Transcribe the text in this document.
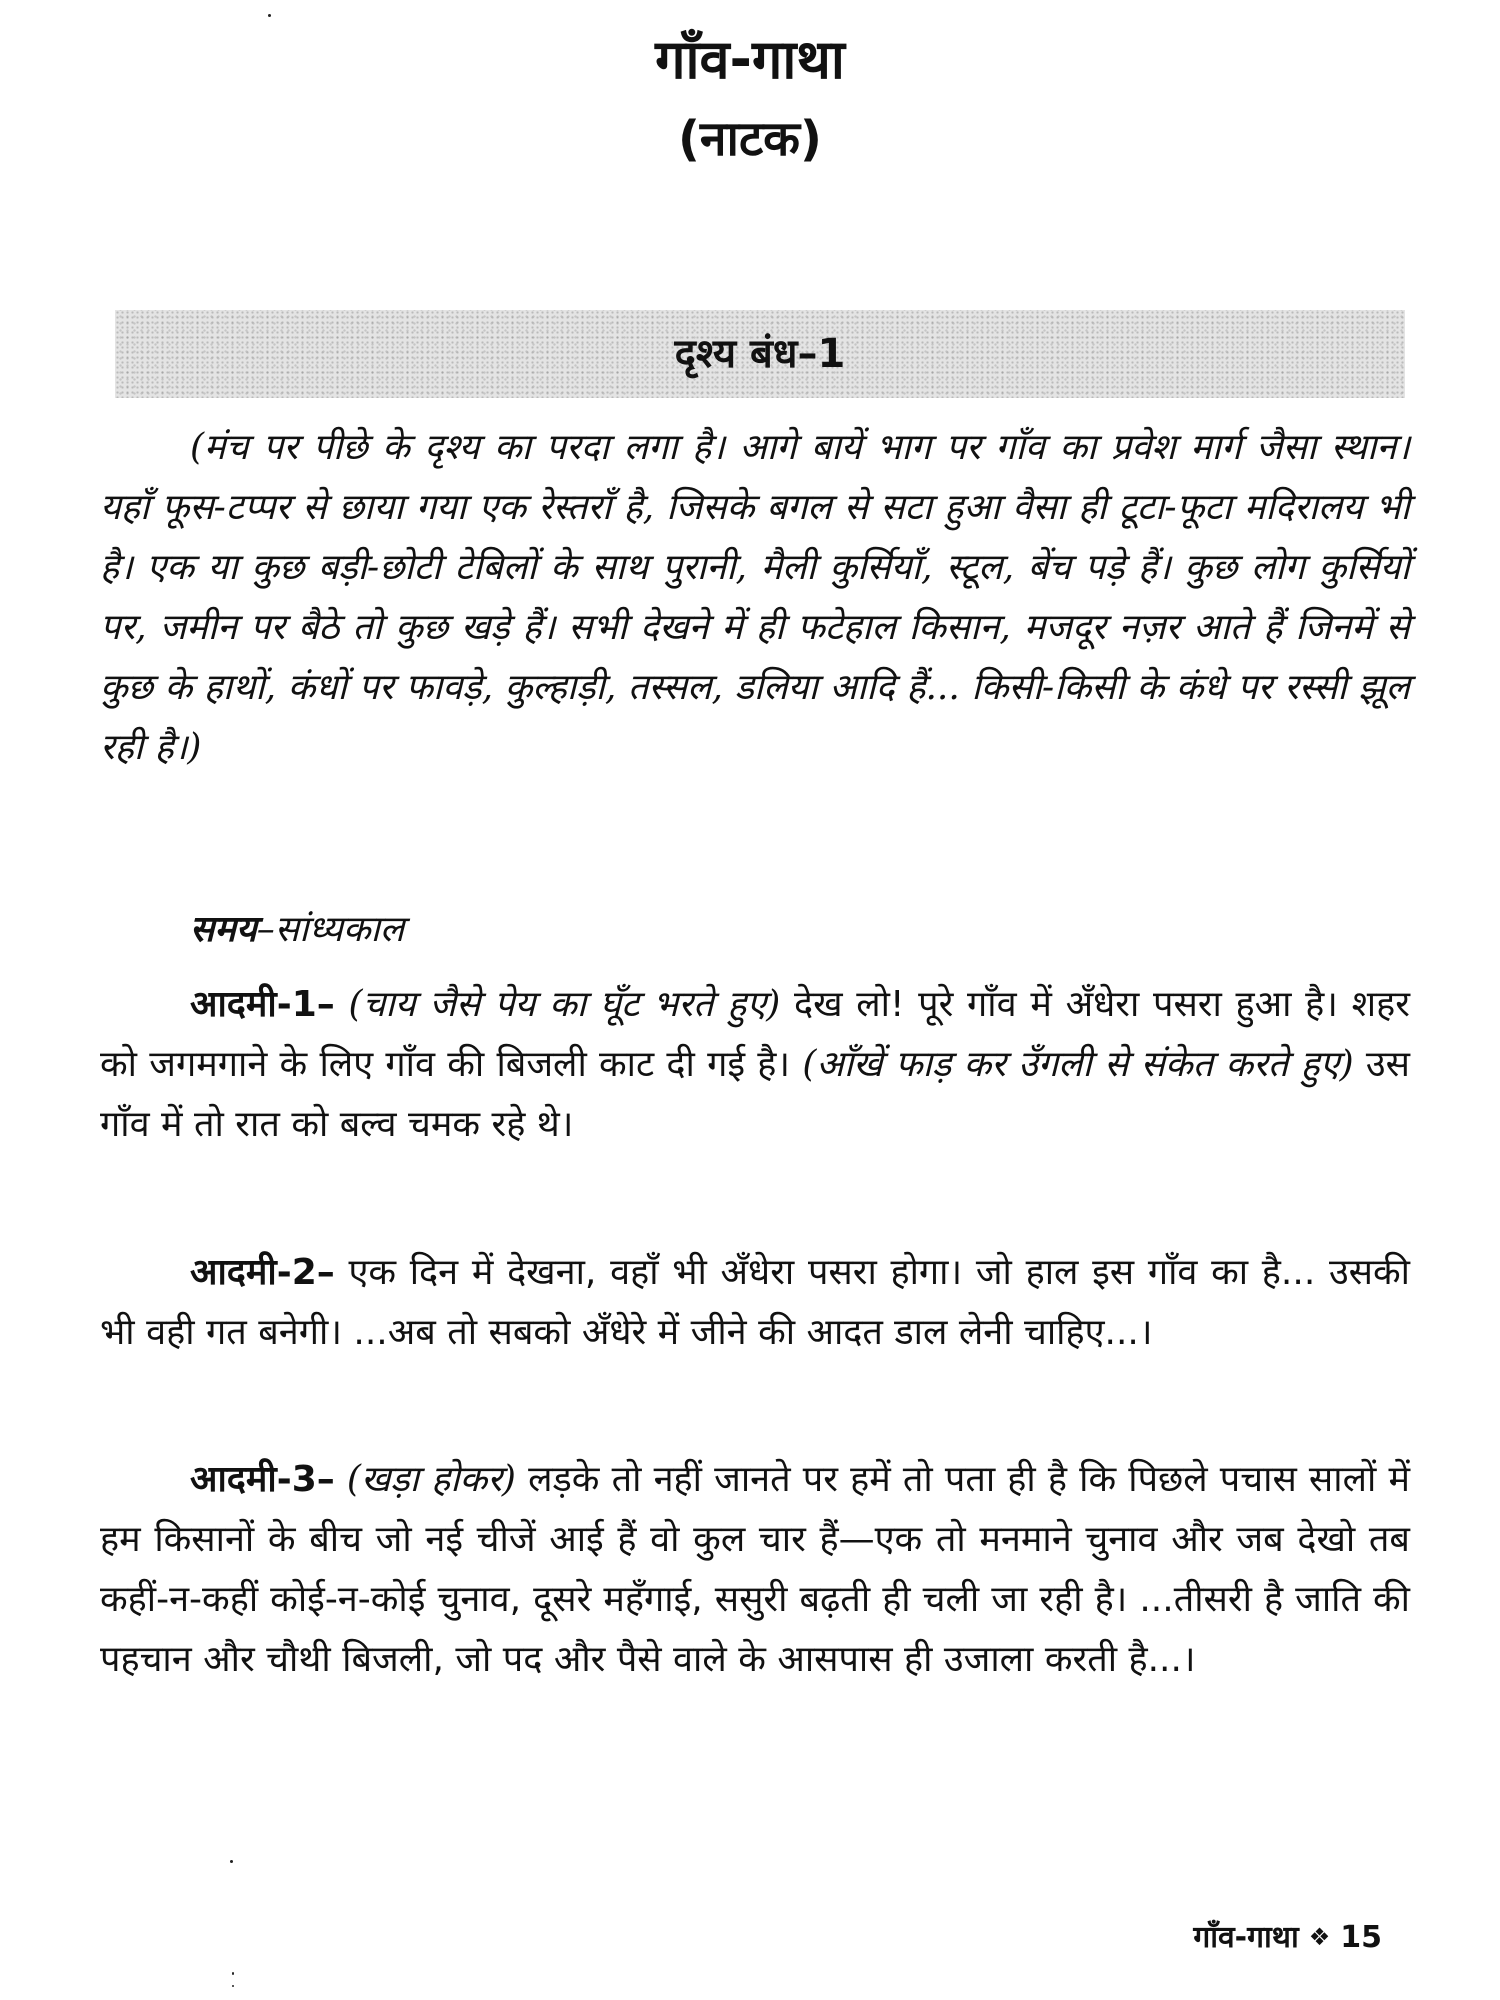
गाँव-गाथा
(नाटक)
दृश्य बंध–1

(मंच पर पीछे के दृश्य का परदा लगा है। आगे बायें भाग पर गाँव का प्रवेश मार्ग जैसा स्थान। यहाँ फूस-टप्पर से छाया गया एक रेस्तराँ है, जिसके बगल से सटा हुआ वैसा ही टूटा-फूटा मदिरालय भी है। एक या कुछ बड़ी-छोटी टेबिलों के साथ पुरानी, मैली कुर्सियाँ, स्टूल, बेंच पड़े हैं। कुछ लोग कुर्सियों पर, जमीन पर बैठे तो कुछ खड़े हैं। सभी देखने में ही फटेहाल किसान, मजदूर नज़र आते हैं जिनमें से कुछ के हाथों, कंधों पर फावड़े, कुल्हाड़ी, तस्सल, डलिया आदि हैं... किसी-किसी के कंधे पर रस्सी झूल रही है।)

समय–सांध्यकाल

आदमी-1– (चाय जैसे पेय का घूँट भरते हुए) देख लो! पूरे गाँव में अँधेरा पसरा हुआ है। शहर को जगमगाने के लिए गाँव की बिजली काट दी गई है। (आँखें फाड़ कर उँगली से संकेत करते हुए) उस गाँव में तो रात को बल्व चमक रहे थे।

आदमी-2– एक दिन में देखना, वहाँ भी अँधेरा पसरा होगा। जो हाल इस गाँव का है... उसकी भी वही गत बनेगी। ...अब तो सबको अँधेरे में जीने की आदत डाल लेनी चाहिए...।

आदमी-3– (खड़ा होकर) लड़के तो नहीं जानते पर हमें तो पता ही है कि पिछले पचास सालों में हम किसानों के बीच जो नई चीजें आई हैं वो कुल चार हैं—एक तो मनमाने चुनाव और जब देखो तब कहीं-न-कहीं कोई-न-कोई चुनाव, दूसरे महँगाई, ससुरी बढ़ती ही चली जा रही है। ...तीसरी है जाति की पहचान और चौथी बिजली, जो पद और पैसे वाले के आसपास ही उजाला करती है...।

गाँव-गाथा ❖ 15
